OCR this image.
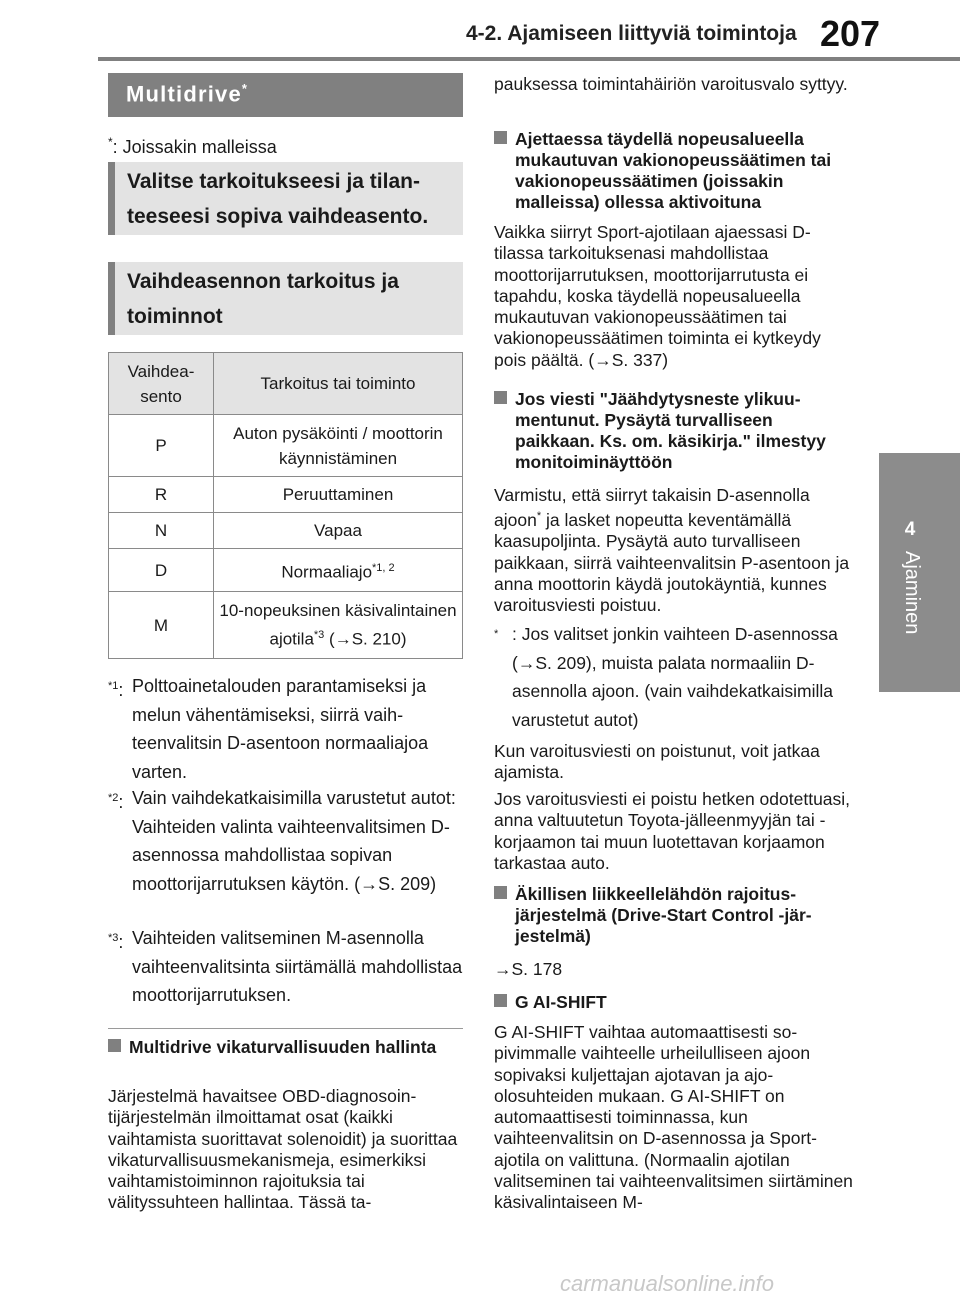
4-2. Ajamiseen liittyviä toimintoja 207
4
Ajaminen
Multidrive*
*: Joissakin malleissa
Valitse tarkoitukseesi ja tilanteeseesi sopiva vaihdeasento.
Vaihdeasennon tarkoitus ja toiminnot
Vaihdeasento	Tarkoitus tai toiminto
P	Auton pysäköinti / moottorin käynnistäminen
R	Peruuttaminen
N	Vapaa
D	Normaaliajo$^{*1, 2}$
M	10-nopeuksinen käsivalintainen ajotila$^{*3}$ (→S. 210)
$^{*1}$: Polttoainetalouden parantamiseksi ja melun vähentämiseksi, siirrä vaihteenvalitsin D-asentoon normaaliajoa varten.
$^{*2}$: Vain vaihdekatkaisimilla varustetut autot: Vaihteiden valinta vaihteenvalitsimen D-asennossa mahdollistaa sopivan moottorijarrutuksen käytön. (→S. 209)
$^{*3}$: Vaihteiden valitseminen M-asennolla vaihteenvalitsinta siirtämällä mahdollistaa moottorijarrutuksen.
Multidrive vikaturvallisuuden hallinta
Järjestelmä havaitsee OBD-diagnosointijärjestelmän ilmoittamat osat (kaikki vaihtamista suorittavat solenoidit) ja suorittaa vikaturvallisuusmekanismeja, esimerkiksi vaihtamistoiminnon rajoituksia tai välityssuhteen hallintaa. Tässä ta-
pauksessa toimintahäiriön varoitusvalo syttyy.
Ajettaessa täydellä nopeusalueella mukautuvan vakionopeussäätimen tai vakionopeussäätimen (joissakin malleissa) ollessa aktivoituna
Vaikka siirryt Sport-ajotilaan ajaessasi D-tilassa tarkoituksenasi mahdollistaa moottorijarrutuksen, moottorijarrutusta ei tapahdu, koska täydellä nopeusalueella mukautuvan vakionopeussäätimen tai vakionopeussäätimen toiminta ei kytkeydy pois päältä. (→S. 337)
Jos viesti "Jäähdytysneste ylikuumentunut. Pysäytä turvalliseen paikkaan. Ks. om. käsikirja." ilmestyy monitoiminäyttöön
Varmistu, että siirryt takaisin D-asennolla ajoon* ja lasket nopeutta keventämällä kaasupoljinta. Pysäytä auto turvalliseen paikkaan, siirrä vaihteenvalitsin P-asentoon ja anna moottorin käydä joutokäyntiä, kunnes varoitusviesti poistuu.
* : Jos valitset jonkin vaihteen D-asennossa (→S. 209), muista palata normaaliin D-asennolla ajoon. (vain vaihdekatkaisimilla varustetut autot)
Kun varoitusviesti on poistunut, voit jatkaa ajamista.
Jos varoitusviesti ei poistu hetken odotettuasi, anna valtuutetun Toyota-jälleenmyyjän tai -korjaamon tai muun luotettavan korjaamon tarkastaa auto.
Äkillisen liikkeellelähdön rajoitusjärjestelmä (Drive-Start Control -järjestelmä)
→S. 178
G AI-SHIFT
G AI-SHIFT vaihtaa automaattisesti sopivimmalle vaihteelle urheilulliseen ajoon sopivaksi kuljettajan ajotavan ja ajo-olosuhteiden mukaan. G AI-SHIFT on automaattisesti toiminnassa, kun vaihteenvalitsin on D-asennossa ja Sport-ajotila on valittuna. (Normaalin ajotilan valitseminen tai vaihteenvalitsimen siirtäminen käsivalintaiseen M-
carmanualsonline.info
